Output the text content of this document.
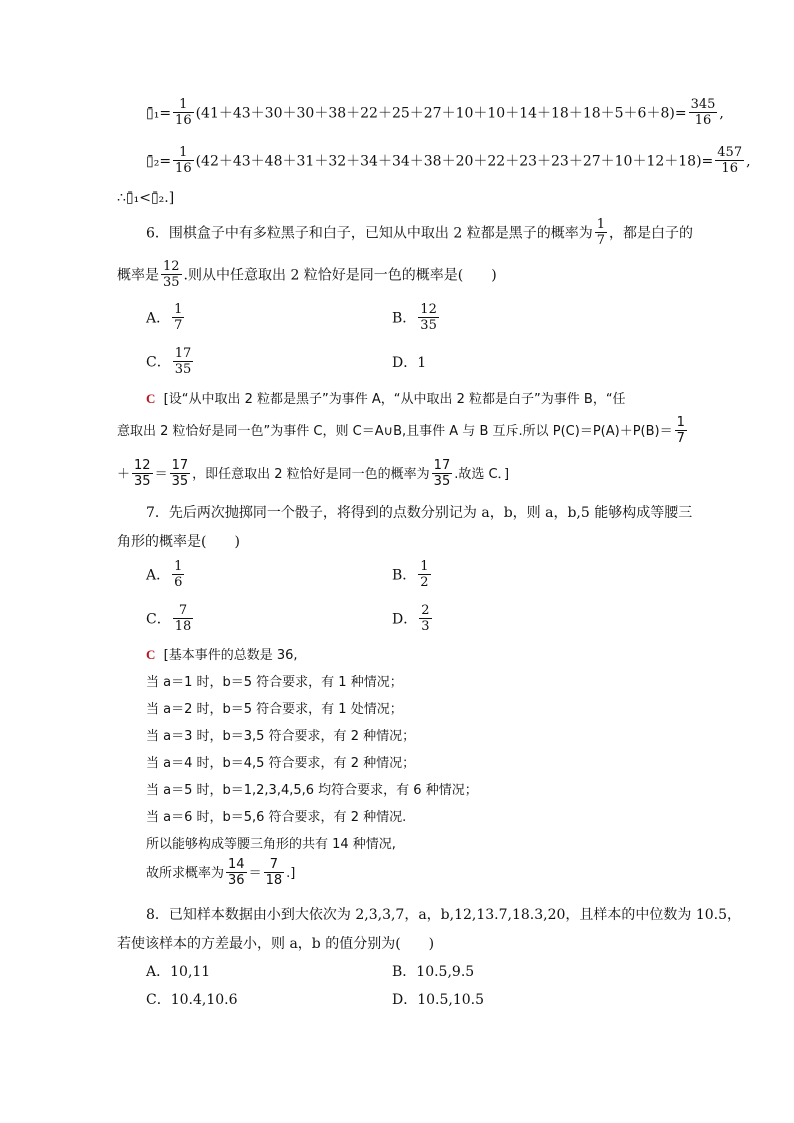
▯̄₁= $\frac{1}{16} (41+43+30+30+38+22+25+27+10+10+14+18+18+5+6+8)= \frac{345}{16}$ ,
▯̄₂= $\frac{1}{16} (42+43+48+31+32+34+34+38+20+22+23+23+27+10+12+18)= \frac{457}{16}$ ,
∴▯̄₁<▯̄₂.]
6．围棋盒子中有多粒黑子和白子，已知从中取出 2 粒都是黑子的概率为 $\frac{1}{7}$ ，都是白子的
概率是 $\frac{12}{35}$ .则从中任意取出 2 粒恰好是同一色的概率是(　　)
A． $\frac{1}{7}$	B． $\frac{12}{35}$
C． $\frac{17}{35}$	D．1
C [设“从中取出 2 粒都是黑子”为事件 A，“从中取出 2 粒都是白子”为事件 B，“任
意取出 2 粒恰好是同一色”为事件 C，则 C＝A∪B,且事件 A 与 B 互斥.所以 $P(C)=P(A)+P(B)= \frac{1}{7}$
＋ $\frac{12}{35} = \frac{17}{35}$ ，即任意取出 2 粒恰好是同一色的概率为 $\frac{17}{35}$ .故选 C．]
7．先后两次抛掷同一个骰子，将得到的点数分别记为 a，b，则 a，b,5 能够构成等腰三
角形的概率是(　　)
A． $\frac{1}{6}$	B． $\frac{1}{2}$
C． $\frac{7}{18}$	D． $\frac{2}{3}$
C [基本事件的总数是 36,
当 a＝1 时，b＝5 符合要求，有 1 种情况；
当 a＝2 时，b＝5 符合要求，有 1 处情况；
当 a＝3 时，b＝3,5 符合要求，有 2 种情况；
当 a＝4 时，b＝4,5 符合要求，有 2 种情况；
当 a＝5 时，b＝1,2,3,4,5,6 均符合要求，有 6 种情况；
当 a＝6 时，b＝5,6 符合要求，有 2 种情况.
所以能够构成等腰三角形的共有 14 种情况,
故所求概率为 $\frac{14}{36} = \frac{7}{18}$ .]
8．已知样本数据由小到大依次为 2,3,3,7，a，b,12,13.7,18.3,20，且样本的中位数为 10.5，
若使该样本的方差最小，则 a，b 的值分别为(　　)
A．10,11	B．10.5,9.5
C．10.4,10.6	D．10.5,10.5
